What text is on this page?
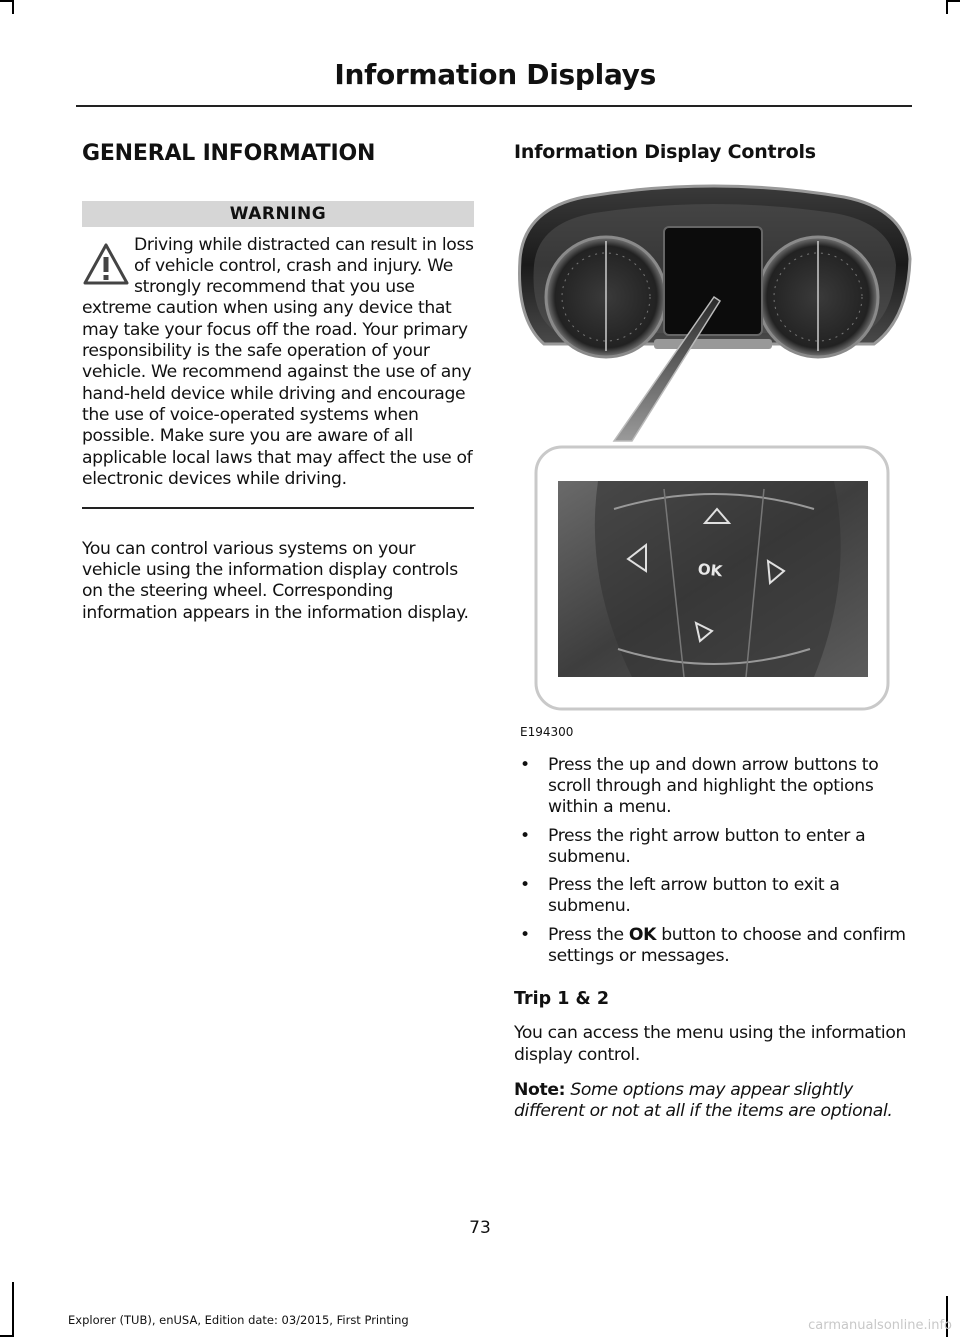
Information Displays
GENERAL INFORMATION
WARNING
Driving while distracted can result in loss of vehicle control, crash and injury. We strongly recommend that you use extreme caution when using any device that may take your focus off the road. Your primary responsibility is the safe operation of your vehicle. We recommend against the use of any hand-held device while driving and encourage the use of voice-operated systems when possible. Make sure you are aware of all applicable local laws that may affect the use of electronic devices while driving.

You can control various systems on your vehicle using the information display controls on the steering wheel. Corresponding information appears in the information display.

Information Display Controls
OK
E194300
• Press the up and down arrow buttons to scroll through and highlight the options within a menu.
• Press the right arrow button to enter a submenu.
• Press the left arrow button to exit a submenu.
• Press the OK button to choose and confirm settings or messages.
Trip 1 & 2

You can access the menu using the information display control.

Note: Some options may appear slightly different or not at all if the items are optional.

73
Explorer (TUB), enUSA, Edition date: 03/2015, First Printing	carmanualsonline.info
